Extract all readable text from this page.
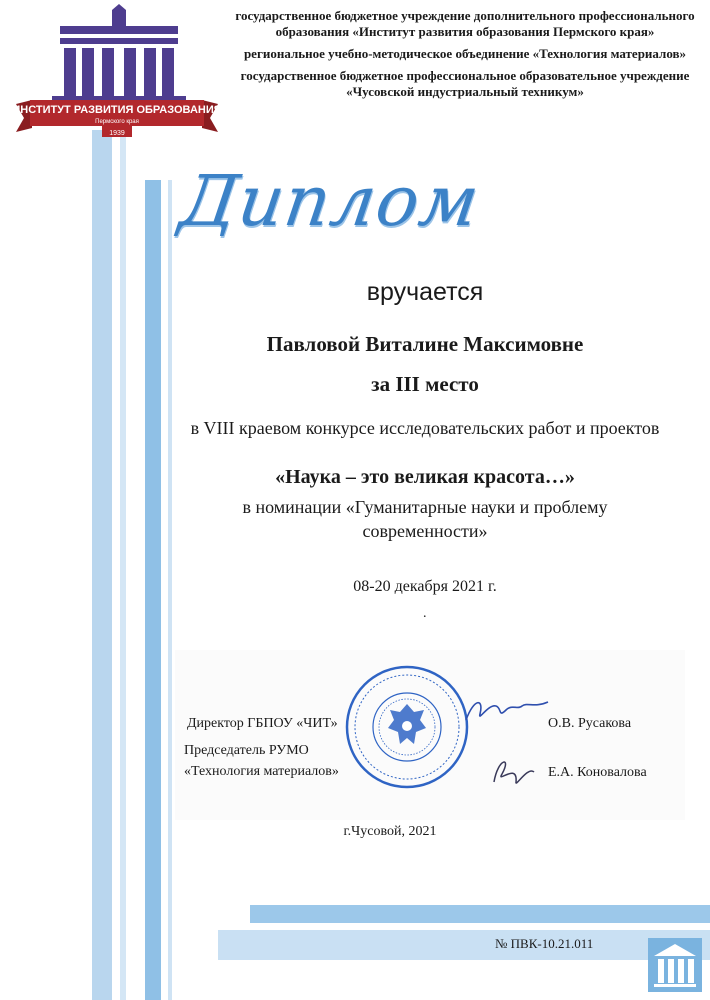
ИНСТИТУТ РАЗВИТИЯ ОБРАЗОВАНИЯ
Пермского края
1939
государственное бюджетное учреждение дополнительного профессионального образования «Институт развития образования Пермского края»
региональное учебно-методическое объединение «Технология материалов»
государственное бюджетное профессиональное образовательное учреждение «Чусовской индустриальный техникум»
Диплом
вручается
Павловой Виталине Максимовне
за III место
в VIII краевом конкурсе исследовательских работ и проектов
«Наука – это великая красота…»
в номинации «Гуманитарные науки и проблему современности»
08-20 декабря 2021 г.
.
Директор ГБПОУ «ЧИТ»	О.В. Русакова
Председатель РУМО
«Технология материалов»	Е.А. Коновалова
г.Чусовой, 2021
№ ПВК-10.21.011
